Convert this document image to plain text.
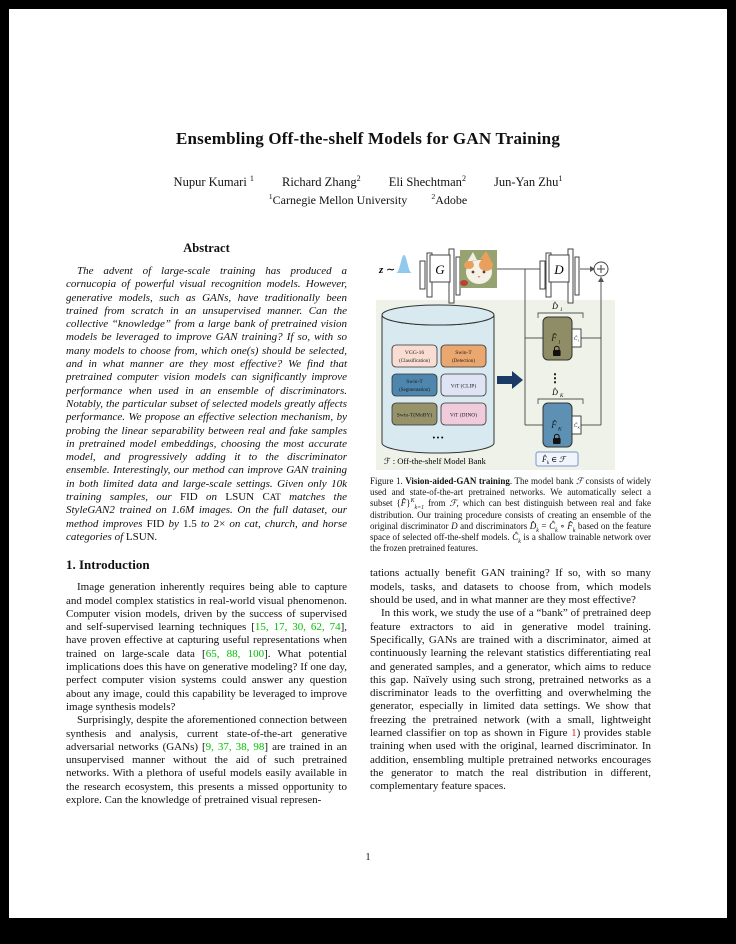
Ensembling Off-the-shelf Models for GAN Training
Nupur Kumari $^1$ Richard Zhang$^2$ Eli Shechtman$^2$ Jun-Yan Zhu$^1$
$^1$Carnegie Mellon University	$^2$Adobe
Abstract

The advent of large-scale training has produced a cornucopia of powerful visual recognition models. However, generative models, such as GANs, have traditionally been trained from scratch in an unsupervised manner. Can the collective “knowledge” from a large bank of pretrained vision models be leveraged to improve GAN training? If so, with so many models to choose from, which one(s) should be selected, and in what manner are they most effective? We find that pretrained computer vision models can significantly improve performance when used in an ensemble of discriminators. Notably, the particular subset of selected models greatly affects performance. We propose an effective selection mechanism, by probing the linear separability between real and fake samples in pretrained model embeddings, choosing the most accurate model, and progressively adding it to the discriminator ensemble. Interestingly, our method can improve GAN training in both limited data and large-scale settings. Given only 10k training samples, our FID on LSUN CAT matches the StyleGAN2 trained on 1.6M images. On the full dataset, our method improves FID by 1.5 to 2× on cat, church, and horse categories of LSUN.

1. Introduction

Image generation inherently requires being able to capture and model complex statistics in real-world visual phenomenon. Computer vision models, driven by the success of supervised and self-supervised learning techniques [15, 17, 30, 62, 74], have proven effective at capturing useful representations when trained on large-scale data [65, 88, 100]. What potential implications does this have on generative modeling? If one day, perfect computer vision systems could answer any question about any image, could this capability be leveraged to improve image synthesis models?

Surprisingly, despite the aforementioned connection between synthesis and analysis, current state-of-the-art generative adversarial networks (GANs) [9, 37, 38, 98] are trained in an unsupervised manner without the aid of such pretrained networks. With a plethora of useful models easily available in the research ecosystem, this presents a missed opportunity to explore. Can the knowledge of pretrained visual represen-

z ∼	G	D
VGG-16
(Classification)
Swin-T
(Detection)
Swin-T
(Segmentation)
ViT (CLIP)
Swin-T(MoBY)	ViT (DINO)
• • •
ℱ : Off-the-shelf Model Bank
D̂ 1
F̂ 1	Ĉ 1
⋮
D̂ K
F̂ K Ĉ K
$F̂_k$ ∈ ℱ

Figure 1. Vision-aided-GAN training. The model bank ℱ consists of widely used and state-of-the-art pretrained networks. We automatically select a subset {F̂}$^K_{k=1}$ from ℱ, which can best distinguish between real and fake distribution. Our training procedure consists of creating an ensemble of the original discriminator D and discriminators $D̂_k$ = $Ĉ_k$ ∘ $F̂_k$ based on the feature space of selected off-the-shelf models. $Ĉ_k$ is a shallow trainable network over the frozen pretrained features.

tations actually benefit GAN training? If so, with so many models, tasks, and datasets to choose from, which models should be used, and in what manner are they most effective?

In this work, we study the use of a “bank” of pretrained deep feature extractors to aid in generative model training. Specifically, GANs are trained with a discriminator, aimed at continuously learning the relevant statistics differentiating real and generated samples, and a generator, which aims to reduce this gap. Naïvely using such strong, pretrained networks as a discriminator leads to the overfitting and overwhelming the generator, especially in limited data settings. We show that freezing the pretrained network (with a small, lightweight learned classifier on top as shown in Figure 1) provides stable training when used with the original, learned discriminator. In addition, ensembling multiple pretrained networks encourages the generator to match the real distribution in different, complementary feature spaces.

1
